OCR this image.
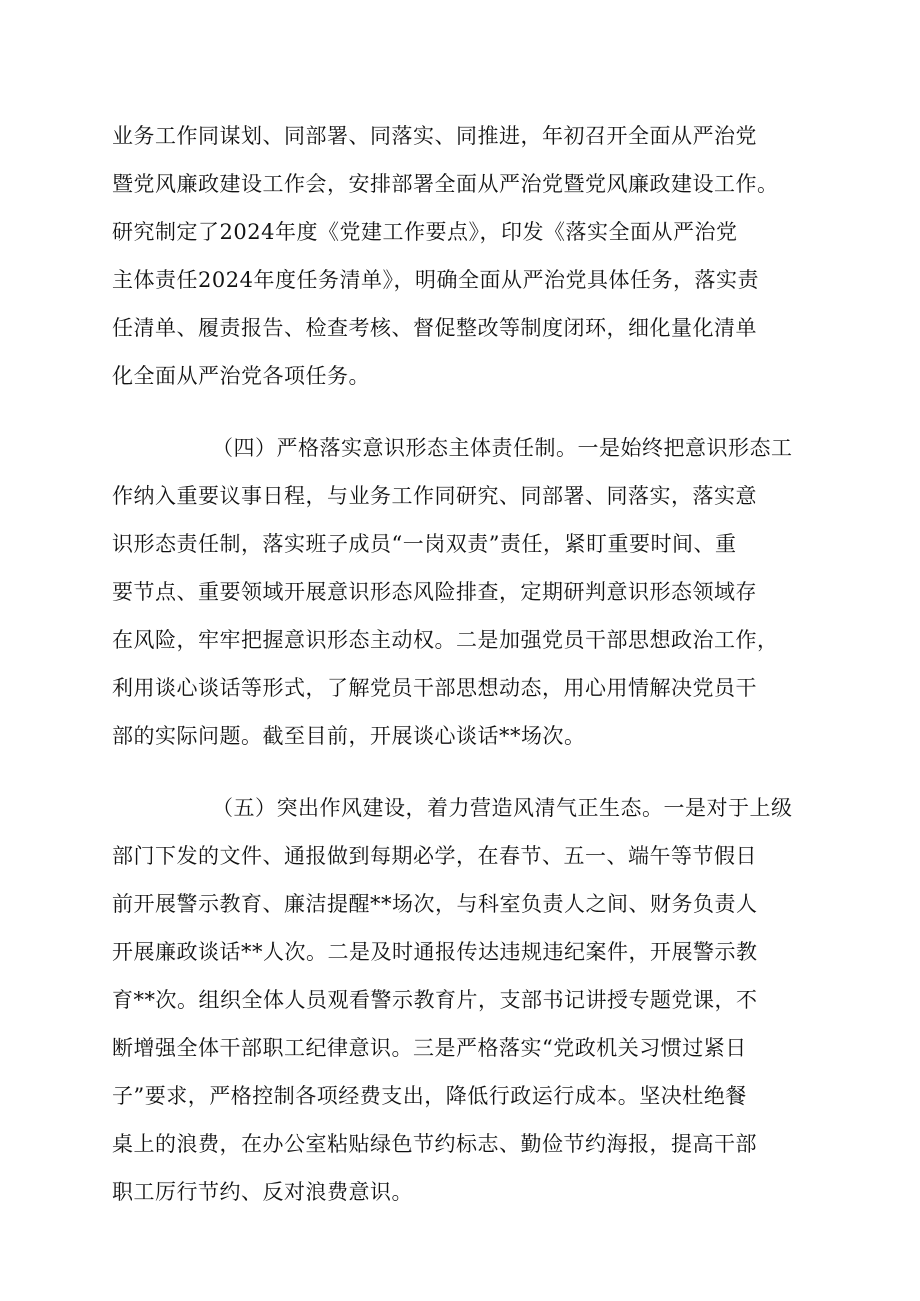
业务工作同谋划、同部署、同落实、同推进，年初召开全面从严治党
暨党风廉政建设工作会，安排部署全面从严治党暨党风廉政建设工作。
研究制定了2024年度《党建工作要点》，印发《落实全面从严治党
主体责任2024年度任务清单》，明确全面从严治党具体任务，落实责
任清单、履责报告、检查考核、督促整改等制度闭环，细化量化清单
化全面从严治党各项任务。
（四）严格落实意识形态主体责任制。一是始终把意识形态工
作纳入重要议事日程，与业务工作同研究、同部署、同落实，落实意
识形态责任制，落实班子成员“一岗双责”责任，紧盯重要时间、重
要节点、重要领域开展意识形态风险排查，定期研判意识形态领域存
在风险，牢牢把握意识形态主动权。二是加强党员干部思想政治工作，
利用谈心谈话等形式，了解党员干部思想动态，用心用情解决党员干
部的实际问题。截至目前，开展谈心谈话**场次。
（五）突出作风建设，着力营造风清气正生态。一是对于上级
部门下发的文件、通报做到每期必学，在春节、五一、端午等节假日
前开展警示教育、廉洁提醒**场次，与科室负责人之间、财务负责人
开展廉政谈话**人次。二是及时通报传达违规违纪案件，开展警示教
育**次。组织全体人员观看警示教育片，支部书记讲授专题党课，不
断增强全体干部职工纪律意识。三是严格落实“党政机关习惯过紧日
子”要求，严格控制各项经费支出，降低行政运行成本。坚决杜绝餐
桌上的浪费，在办公室粘贴绿色节约标志、勤俭节约海报，提高干部
职工厉行节约、反对浪费意识。
